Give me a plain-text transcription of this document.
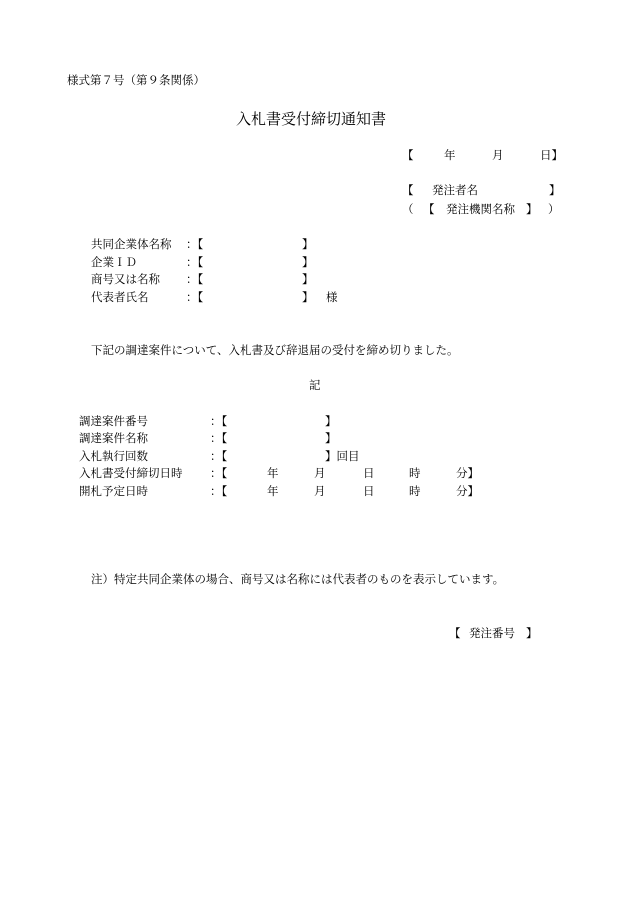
様式第７号（第９条関係）
入札書受付締切通知書
【	年	月	日】
【 発注者名	】
（ 【 発注機関名称 】 ）
共同企業体名称 ：【	】
企業ＩＤ	：【	】
商号又は名称 ：【	】
代表者氏名	：【	】 様
下記の調達案件について、入札書及び辞退届の受付を締め切りました。
記
調達案件番号	：【	】
調達案件名称	：【	】
入札執行回数	：【	】回目
入札書受付締切日時 ：【	年	月	日	時	分】
開札予定日時	：【	年	月	日	時	分】
注）特定共同企業体の場合、商号又は名称には代表者のものを表示しています。
【 発注番号 】
